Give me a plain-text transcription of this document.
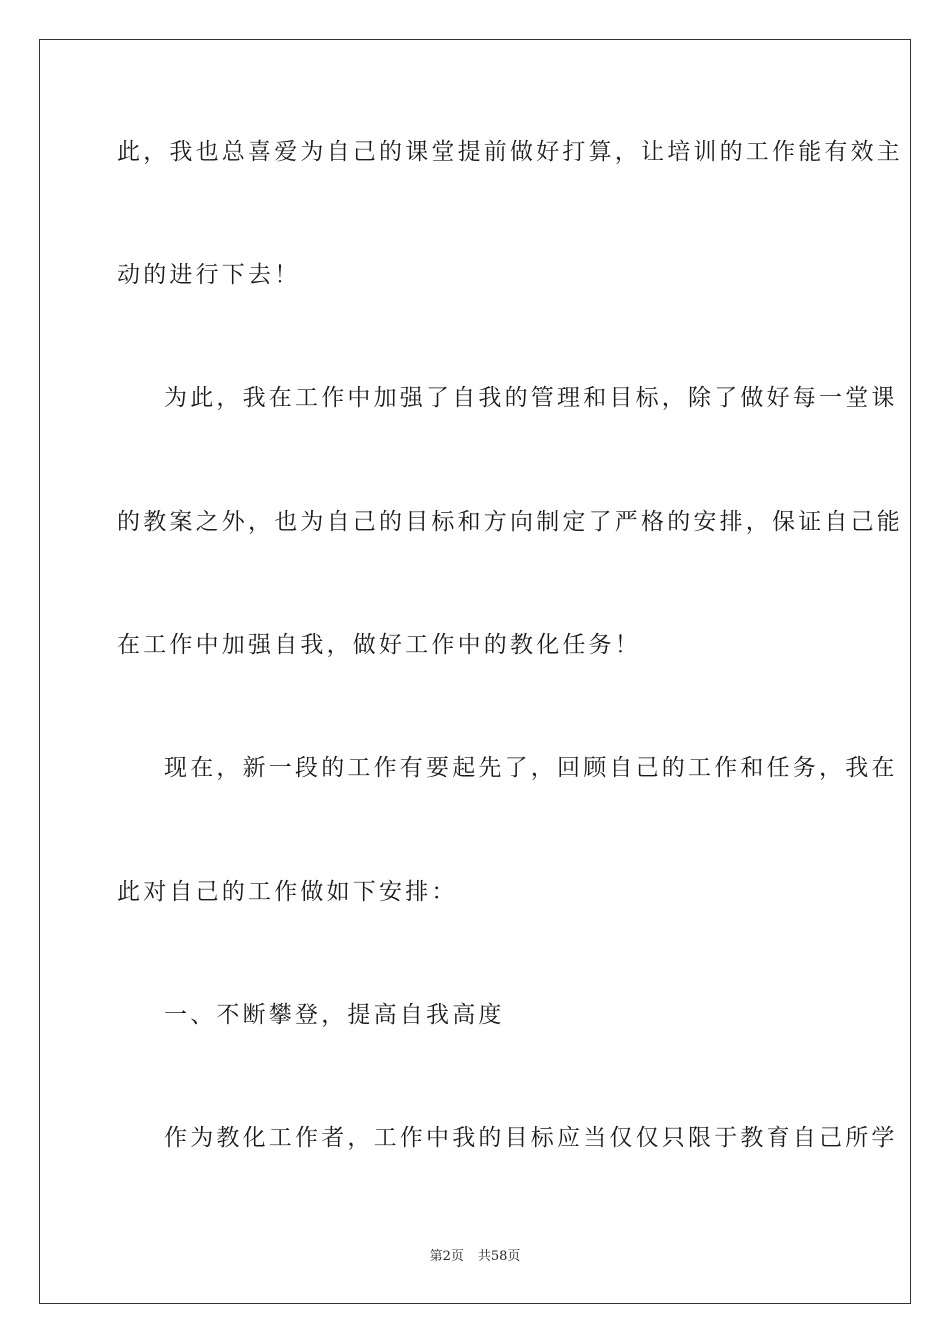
此，我也总喜爱为自己的课堂提前做好打算，让培训的工作能有效主
动的进行下去！
为此，我在工作中加强了自我的管理和目标，除了做好每一堂课
的教案之外，也为自己的目标和方向制定了严格的安排，保证自己能
在工作中加强自我，做好工作中的教化任务！
现在，新一段的工作有要起先了，回顾自己的工作和任务，我在
此对自己的工作做如下安排：
一、不断攀登，提高自我高度
作为教化工作者，工作中我的目标应当仅仅只限于教育自己所学
第2页 共58页
